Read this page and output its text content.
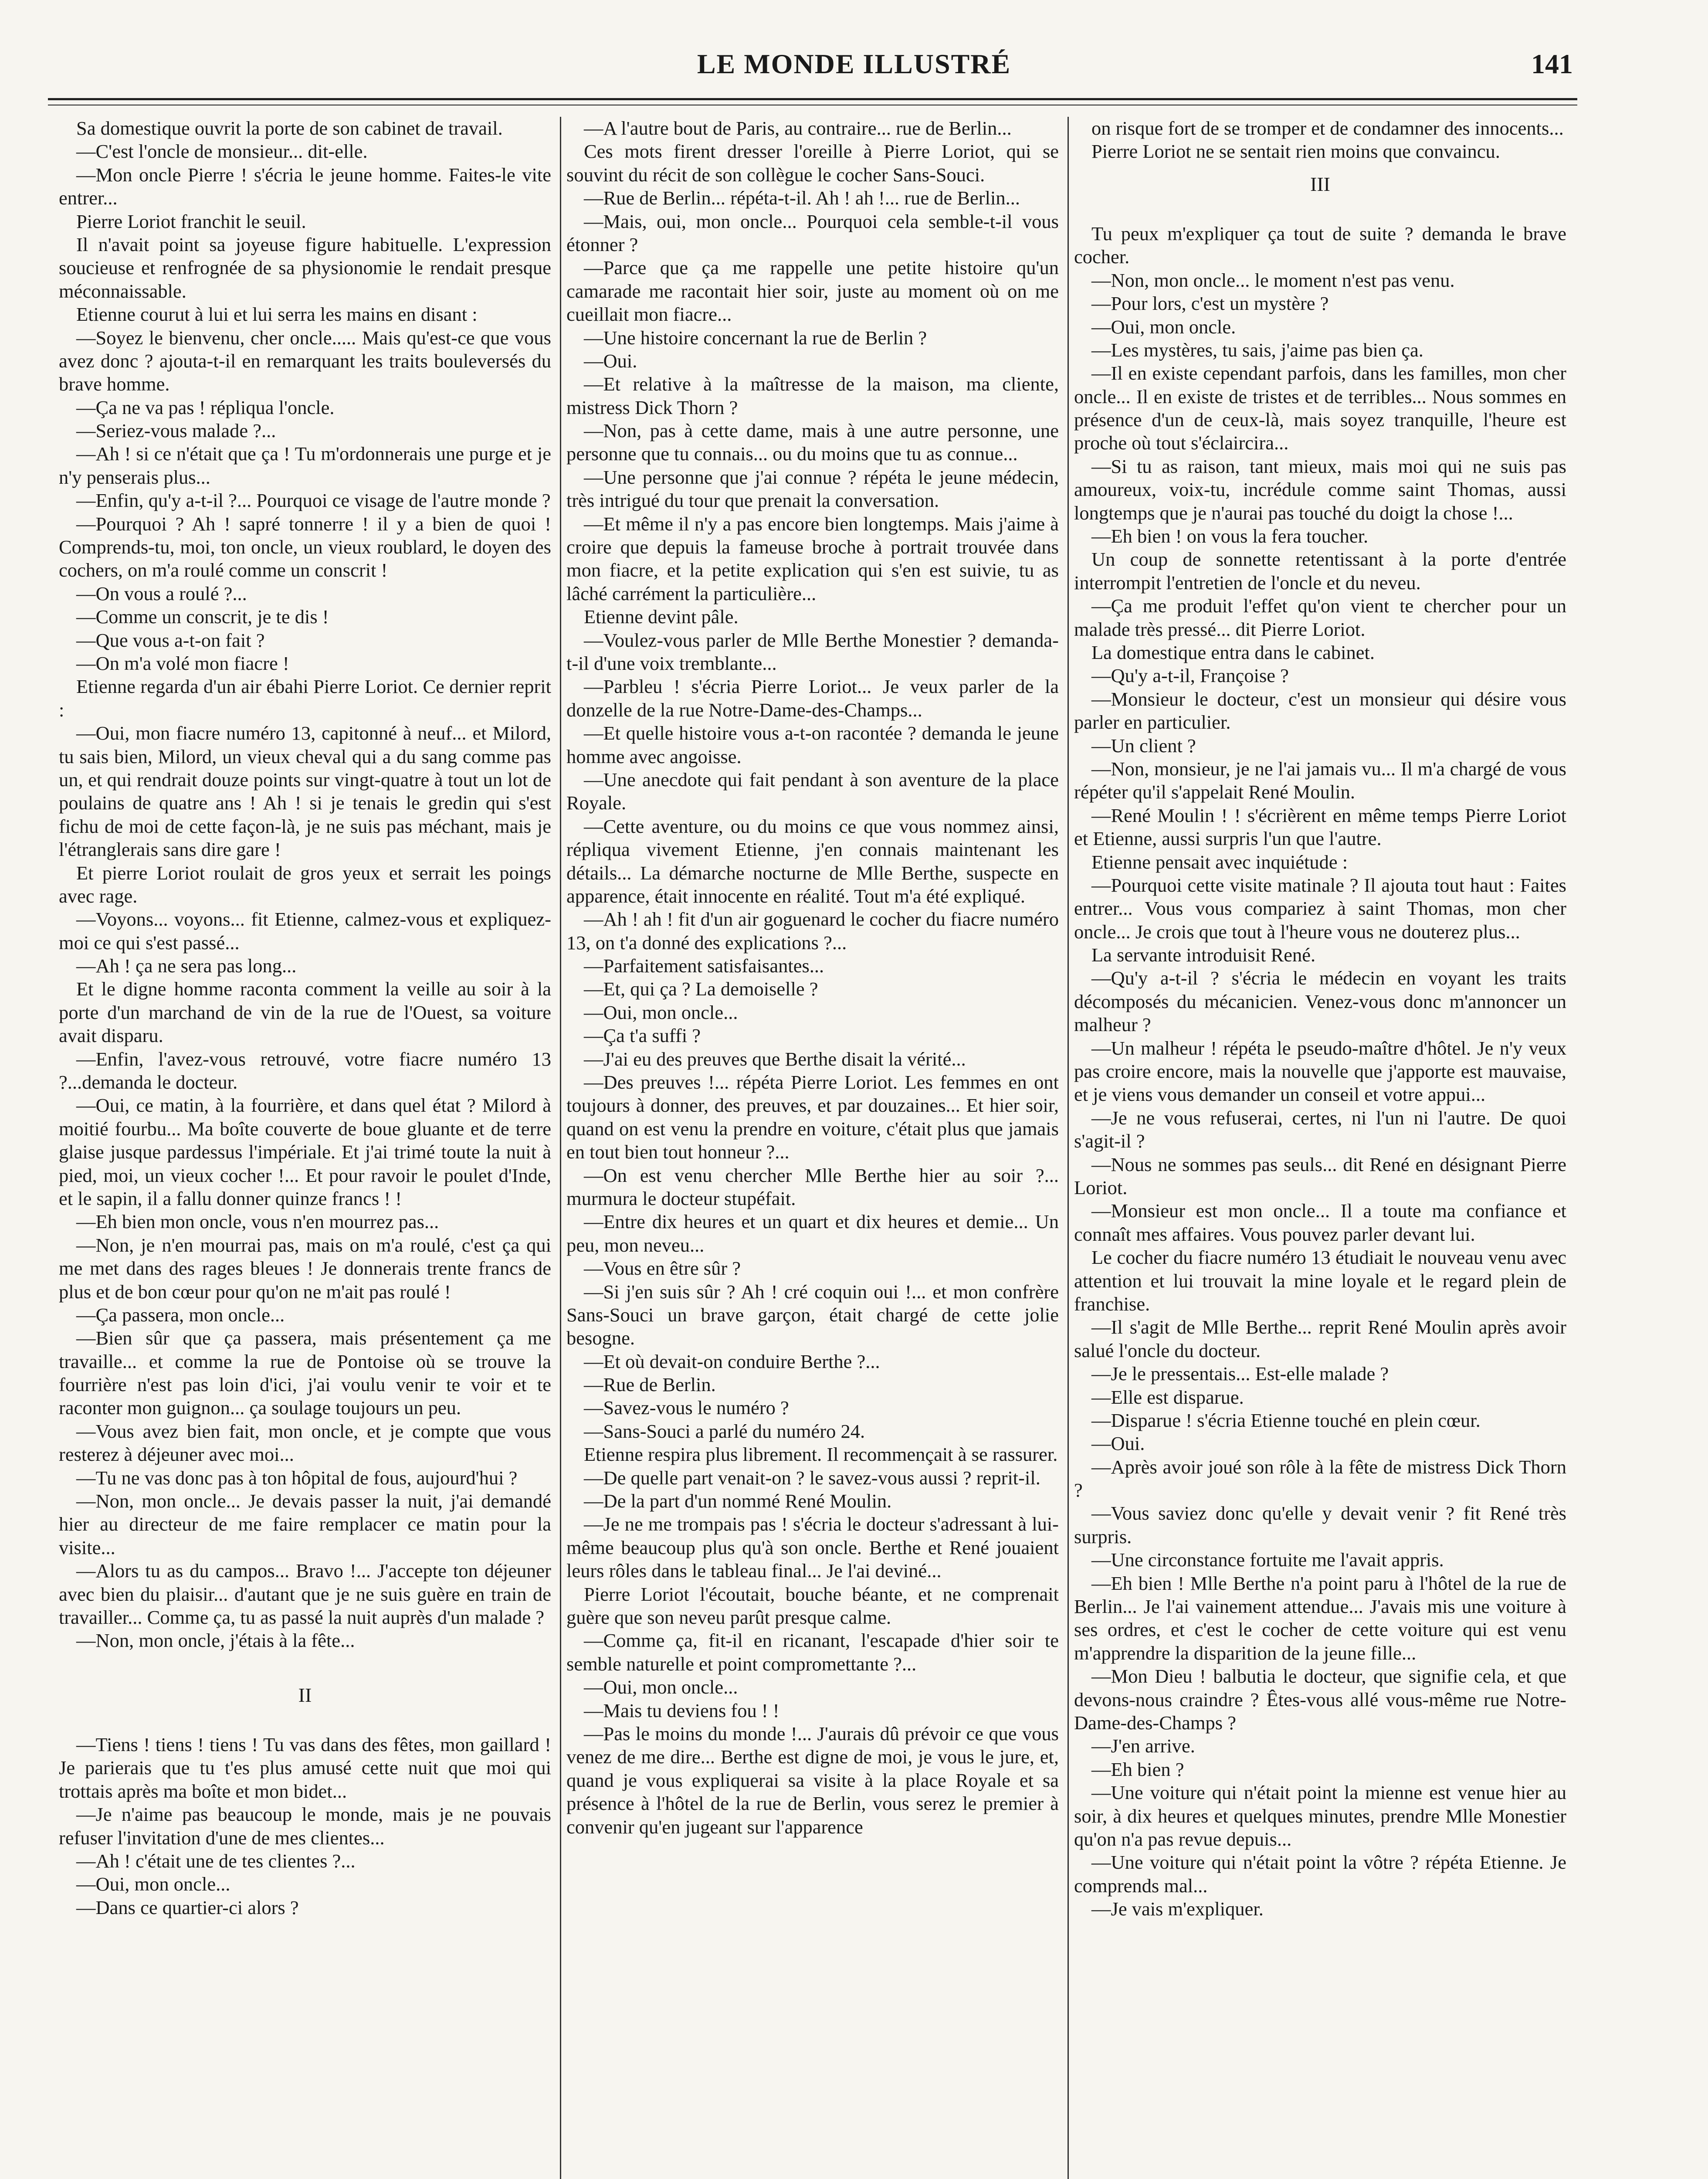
LE MONDE ILLUSTRÉ	141

Sa domestique ouvrit la porte de son cabinet de travail.

—C'est l'oncle de monsieur... dit-elle.

—Mon oncle Pierre ! s'écria le jeune homme. Faites-le vite entrer...

Pierre Loriot franchit le seuil.

Il n'avait point sa joyeuse figure habituelle. L'expression soucieuse et renfrognée de sa physionomie le rendait presque méconnaissable.

Etienne courut à lui et lui serra les mains en disant :

—Soyez le bienvenu, cher oncle..... Mais qu'est-ce que vous avez donc ? ajouta-t-il en remarquant les traits bouleversés du brave homme.

—Ça ne va pas ! répliqua l'oncle.

—Seriez-vous malade ?...

—Ah ! si ce n'était que ça ! Tu m'ordonnerais une purge et je n'y penserais plus...

—Enfin, qu'y a-t-il ?... Pourquoi ce visage de l'autre monde ?

—Pourquoi ? Ah ! sapré tonnerre ! il y a bien de quoi ! Comprends-tu, moi, ton oncle, un vieux roublard, le doyen des cochers, on m'a roulé comme un conscrit !

—On vous a roulé ?...

—Comme un conscrit, je te dis !

—Que vous a-t-on fait ?

—On m'a volé mon fiacre !

Etienne regarda d'un air ébahi Pierre Loriot. Ce dernier reprit :

—Oui, mon fiacre numéro 13, capitonné à neuf... et Milord, tu sais bien, Milord, un vieux cheval qui a du sang comme pas un, et qui rendrait douze points sur vingt-quatre à tout un lot de poulains de quatre ans ! Ah ! si je tenais le gredin qui s'est fichu de moi de cette façon-là, je ne suis pas méchant, mais je l'étranglerais sans dire gare !

Et pierre Loriot roulait de gros yeux et serrait les poings avec rage.

—Voyons... voyons... fit Etienne, calmez-vous et expliquez-moi ce qui s'est passé...

—Ah ! ça ne sera pas long...

Et le digne homme raconta comment la veille au soir à la porte d'un marchand de vin de la rue de l'Ouest, sa voiture avait disparu.

—Enfin, l'avez-vous retrouvé, votre fiacre numéro 13 ?...demanda le docteur.

—Oui, ce matin, à la fourrière, et dans quel état ? Milord à moitié fourbu... Ma boîte couverte de boue gluante et de terre glaise jusque pardessus l'impériale. Et j'ai trimé toute la nuit à pied, moi, un vieux cocher !... Et pour ravoir le poulet d'Inde, et le sapin, il a fallu donner quinze francs ! !

—Eh bien mon oncle, vous n'en mourrez pas...

—Non, je n'en mourrai pas, mais on m'a roulé, c'est ça qui me met dans des rages bleues ! Je donnerais trente francs de plus et de bon cœur pour qu'on ne m'ait pas roulé !

—Ça passera, mon oncle...

—Bien sûr que ça passera, mais présentement ça me travaille... et comme la rue de Pontoise où se trouve la fourrière n'est pas loin d'ici, j'ai voulu venir te voir et te raconter mon guignon... ça soulage toujours un peu.

—Vous avez bien fait, mon oncle, et je compte que vous resterez à déjeuner avec moi...

—Tu ne vas donc pas à ton hôpital de fous, aujourd'hui ?

—Non, mon oncle... Je devais passer la nuit, j'ai demandé hier au directeur de me faire remplacer ce matin pour la visite...

—Alors tu as du campos... Bravo !... J'accepte ton déjeuner avec bien du plaisir... d'autant que je ne suis guère en train de travailler... Comme ça, tu as passé la nuit auprès d'un malade ?

—Non, mon oncle, j'étais à la fête...

II

—Tiens ! tiens ! tiens ! Tu vas dans des fêtes, mon gaillard ! Je parierais que tu t'es plus amusé cette nuit que moi qui trottais après ma boîte et mon bidet...

—Je n'aime pas beaucoup le monde, mais je ne pouvais refuser l'invitation d'une de mes clientes...

—Ah ! c'était une de tes clientes ?...

—Oui, mon oncle...

—Dans ce quartier-ci alors ?

—A l'autre bout de Paris, au contraire... rue de Berlin...

Ces mots firent dresser l'oreille à Pierre Loriot, qui se souvint du récit de son collègue le cocher Sans-Souci.

—Rue de Berlin... répéta-t-il. Ah ! ah !... rue de Berlin...

—Mais, oui, mon oncle... Pourquoi cela semble-t-il vous étonner ?

—Parce que ça me rappelle une petite histoire qu'un camarade me racontait hier soir, juste au moment où on me cueillait mon fiacre...

—Une histoire concernant la rue de Berlin ?

—Oui.

—Et relative à la maîtresse de la maison, ma cliente, mistress Dick Thorn ?

—Non, pas à cette dame, mais à une autre personne, une personne que tu connais... ou du moins que tu as connue...

—Une personne que j'ai connue ? répéta le jeune médecin, très intrigué du tour que prenait la conversation.

—Et même il n'y a pas encore bien longtemps. Mais j'aime à croire que depuis la fameuse broche à portrait trouvée dans mon fiacre, et la petite explication qui s'en est suivie, tu as lâché carrément la particulière...

Etienne devint pâle.

—Voulez-vous parler de Mlle Berthe Monestier ? demanda-t-il d'une voix tremblante...

—Parbleu ! s'écria Pierre Loriot... Je veux parler de la donzelle de la rue Notre-Dame-des-Champs...

—Et quelle histoire vous a-t-on racontée ? demanda le jeune homme avec angoisse.

—Une anecdote qui fait pendant à son aventure de la place Royale.

—Cette aventure, ou du moins ce que vous nommez ainsi, répliqua vivement Etienne, j'en connais maintenant les détails... La démarche nocturne de Mlle Berthe, suspecte en apparence, était innocente en réalité. Tout m'a été expliqué.

—Ah ! ah ! fit d'un air goguenard le cocher du fiacre numéro 13, on t'a donné des explications ?...

—Parfaitement satisfaisantes...

—Et, qui ça ? La demoiselle ?

—Oui, mon oncle...

—Ça t'a suffi ?

—J'ai eu des preuves que Berthe disait la vérité...

—Des preuves !... répéta Pierre Loriot. Les femmes en ont toujours à donner, des preuves, et par douzaines... Et hier soir, quand on est venu la prendre en voiture, c'était plus que jamais en tout bien tout honneur ?...

—On est venu chercher Mlle Berthe hier au soir ?... murmura le docteur stupéfait.

—Entre dix heures et un quart et dix heures et demie... Un peu, mon neveu...

—Vous en être sûr ?

—Si j'en suis sûr ? Ah ! cré coquin oui !... et mon confrère Sans-Souci un brave garçon, était chargé de cette jolie besogne.

—Et où devait-on conduire Berthe ?...

—Rue de Berlin.

—Savez-vous le numéro ?

—Sans-Souci a parlé du numéro 24.

Etienne respira plus librement. Il recommençait à se rassurer.

—De quelle part venait-on ? le savez-vous aussi ? reprit-il.

—De la part d'un nommé René Moulin.

—Je ne me trompais pas ! s'écria le docteur s'adressant à lui-même beaucoup plus qu'à son oncle. Berthe et René jouaient leurs rôles dans le tableau final... Je l'ai deviné...

Pierre Loriot l'écoutait, bouche béante, et ne comprenait guère que son neveu parût presque calme.

—Comme ça, fit-il en ricanant, l'escapade d'hier soir te semble naturelle et point compromettante ?...

—Oui, mon oncle...

—Mais tu deviens fou ! !

—Pas le moins du monde !... J'aurais dû prévoir ce que vous venez de me dire... Berthe est digne de moi, je vous le jure, et, quand je vous expliquerai sa visite à la place Royale et sa présence à l'hôtel de la rue de Berlin, vous serez le premier à convenir qu'en jugeant sur l'apparence

on risque fort de se tromper et de condamner des innocents...

Pierre Loriot ne se sentait rien moins que convaincu.

III

Tu peux m'expliquer ça tout de suite ? demanda le brave cocher.

—Non, mon oncle... le moment n'est pas venu.

—Pour lors, c'est un mystère ?

—Oui, mon oncle.

—Les mystères, tu sais, j'aime pas bien ça.

—Il en existe cependant parfois, dans les familles, mon cher oncle... Il en existe de tristes et de terribles... Nous sommes en présence d'un de ceux-là, mais soyez tranquille, l'heure est proche où tout s'éclaircira...

—Si tu as raison, tant mieux, mais moi qui ne suis pas amoureux, voix-tu, incrédule comme saint Thomas, aussi longtemps que je n'aurai pas touché du doigt la chose !...

—Eh bien ! on vous la fera toucher.

Un coup de sonnette retentissant à la porte d'entrée interrompit l'entretien de l'oncle et du neveu.

—Ça me produit l'effet qu'on vient te chercher pour un malade très pressé... dit Pierre Loriot.

La domestique entra dans le cabinet.

—Qu'y a-t-il, Françoise ?

—Monsieur le docteur, c'est un monsieur qui désire vous parler en particulier.

—Un client ?

—Non, monsieur, je ne l'ai jamais vu... Il m'a chargé de vous répéter qu'il s'appelait René Moulin.

—René Moulin ! ! s'écrièrent en même temps Pierre Loriot et Etienne, aussi surpris l'un que l'autre.

Etienne pensait avec inquiétude :

—Pourquoi cette visite matinale ? Il ajouta tout haut : Faites entrer... Vous vous compariez à saint Thomas, mon cher oncle... Je crois que tout à l'heure vous ne douterez plus...

La servante introduisit René.

—Qu'y a-t-il ? s'écria le médecin en voyant les traits décomposés du mécanicien. Venez-vous donc m'annoncer un malheur ?

—Un malheur ! répéta le pseudo-maître d'hôtel. Je n'y veux pas croire encore, mais la nouvelle que j'apporte est mauvaise, et je viens vous demander un conseil et votre appui...

—Je ne vous refuserai, certes, ni l'un ni l'autre. De quoi s'agit-il ?

—Nous ne sommes pas seuls... dit René en désignant Pierre Loriot.

—Monsieur est mon oncle... Il a toute ma confiance et connaît mes affaires. Vous pouvez parler devant lui.

Le cocher du fiacre numéro 13 étudiait le nouveau venu avec attention et lui trouvait la mine loyale et le regard plein de franchise.

—Il s'agit de Mlle Berthe... reprit René Moulin après avoir salué l'oncle du docteur.

—Je le pressentais... Est-elle malade ?

—Elle est disparue.

—Disparue ! s'écria Etienne touché en plein cœur.

—Oui.

—Après avoir joué son rôle à la fête de mistress Dick Thorn ?

—Vous saviez donc qu'elle y devait venir ? fit René très surpris.

—Une circonstance fortuite me l'avait appris.

—Eh bien ! Mlle Berthe n'a point paru à l'hôtel de la rue de Berlin... Je l'ai vainement attendue... J'avais mis une voiture à ses ordres, et c'est le cocher de cette voiture qui est venu m'apprendre la disparition de la jeune fille...

—Mon Dieu ! balbutia le docteur, que signifie cela, et que devons-nous craindre ? Êtes-vous allé vous-même rue Notre-Dame-des-Champs ?

—J'en arrive.

—Eh bien ?

—Une voiture qui n'était point la mienne est venue hier au soir, à dix heures et quelques minutes, prendre Mlle Monestier qu'on n'a pas revue depuis...

—Une voiture qui n'était point la vôtre ? répéta Etienne. Je comprends mal...

—Je vais m'expliquer.
